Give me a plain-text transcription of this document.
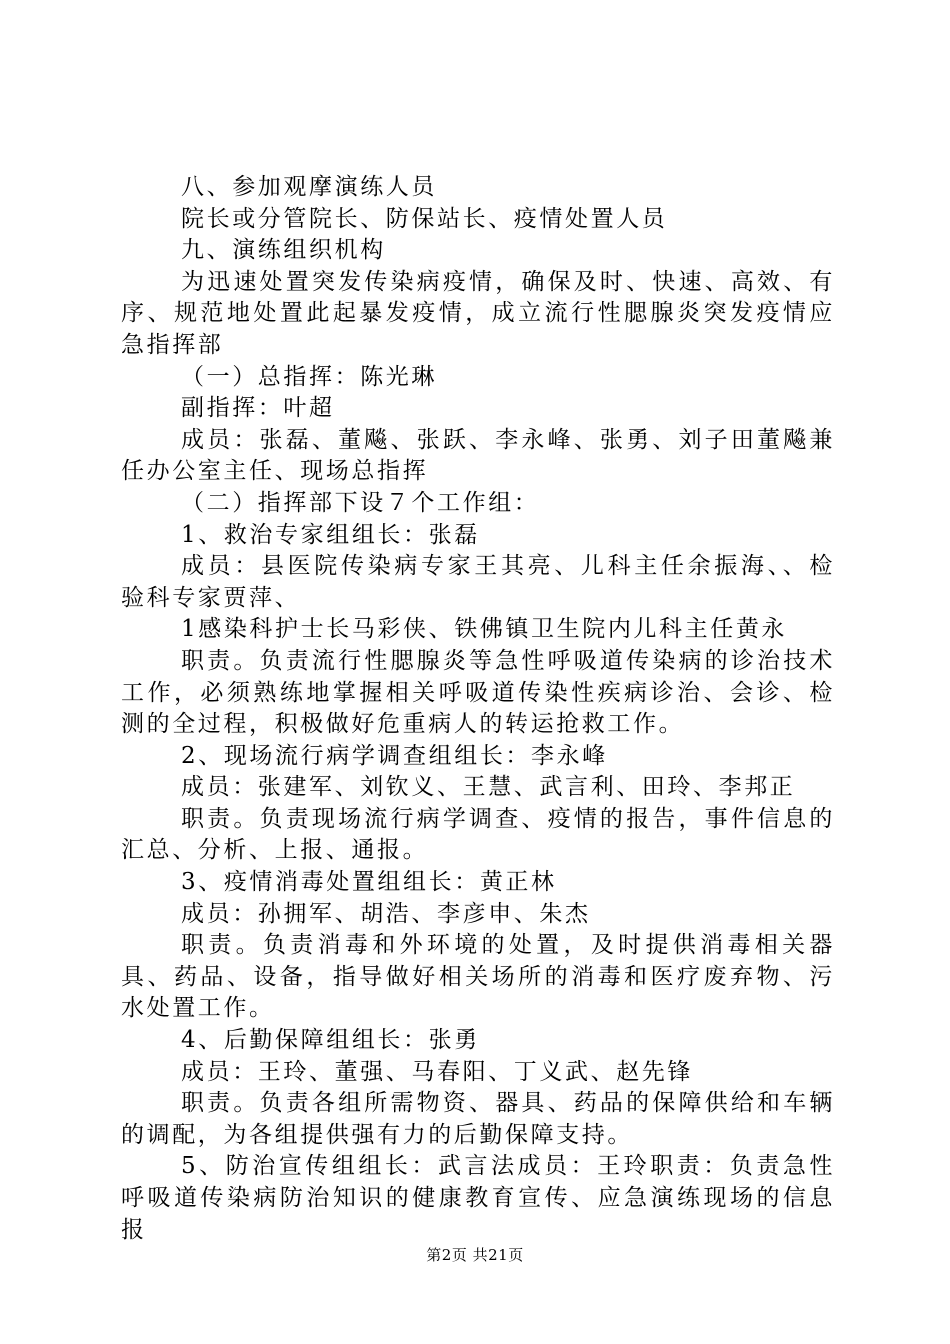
八、参加观摩演练人员

院长或分管院长、防保站长、疫情处置人员

九、演练组织机构

为迅速处置突发传染病疫情，确保及时、快速、高效、有序、规范地处置此起暴发疫情，成立流行性腮腺炎突发疫情应急指挥部

（一）总指挥：陈光琳

副指挥：叶超

成员：张磊、董飚、张跃、李永峰、张勇、刘子田董飚兼任办公室主任、现场总指挥

（二）指挥部下设７个工作组：

1、救治专家组组长：张磊

成员：县医院传染病专家王其亮、儿科主任余振海、、检验科专家贾萍、

1感染科护士长马彩侠、铁佛镇卫生院内儿科主任黄永

职责。负责流行性腮腺炎等急性呼吸道传染病的诊治技术工作，必须熟练地掌握相关呼吸道传染性疾病诊治、会诊、检测的全过程，积极做好危重病人的转运抢救工作。

2、现场流行病学调查组组长：李永峰

成员：张建军、刘钦义、王慧、武言利、田玲、李邦正

职责。负责现场流行病学调查、疫情的报告，事件信息的汇总、分析、上报、通报。

3、疫情消毒处置组组长：黄正林

成员：孙拥军、胡浩、李彦申、朱杰

职责。负责消毒和外环境的处置，及时提供消毒相关器具、药品、设备，指导做好相关场所的消毒和医疗废弃物、污水处置工作。

4、后勤保障组组长：张勇

成员：王玲、董强、马春阳、丁义武、赵先锋

职责。负责各组所需物资、器具、药品的保障供给和车辆的调配，为各组提供强有力的后勤保障支持。

5、防治宣传组组长：武言法成员：王玲职责：负责急性呼吸道传染病防治知识的健康教育宣传、应急演练现场的信息报

第2页 共21页
